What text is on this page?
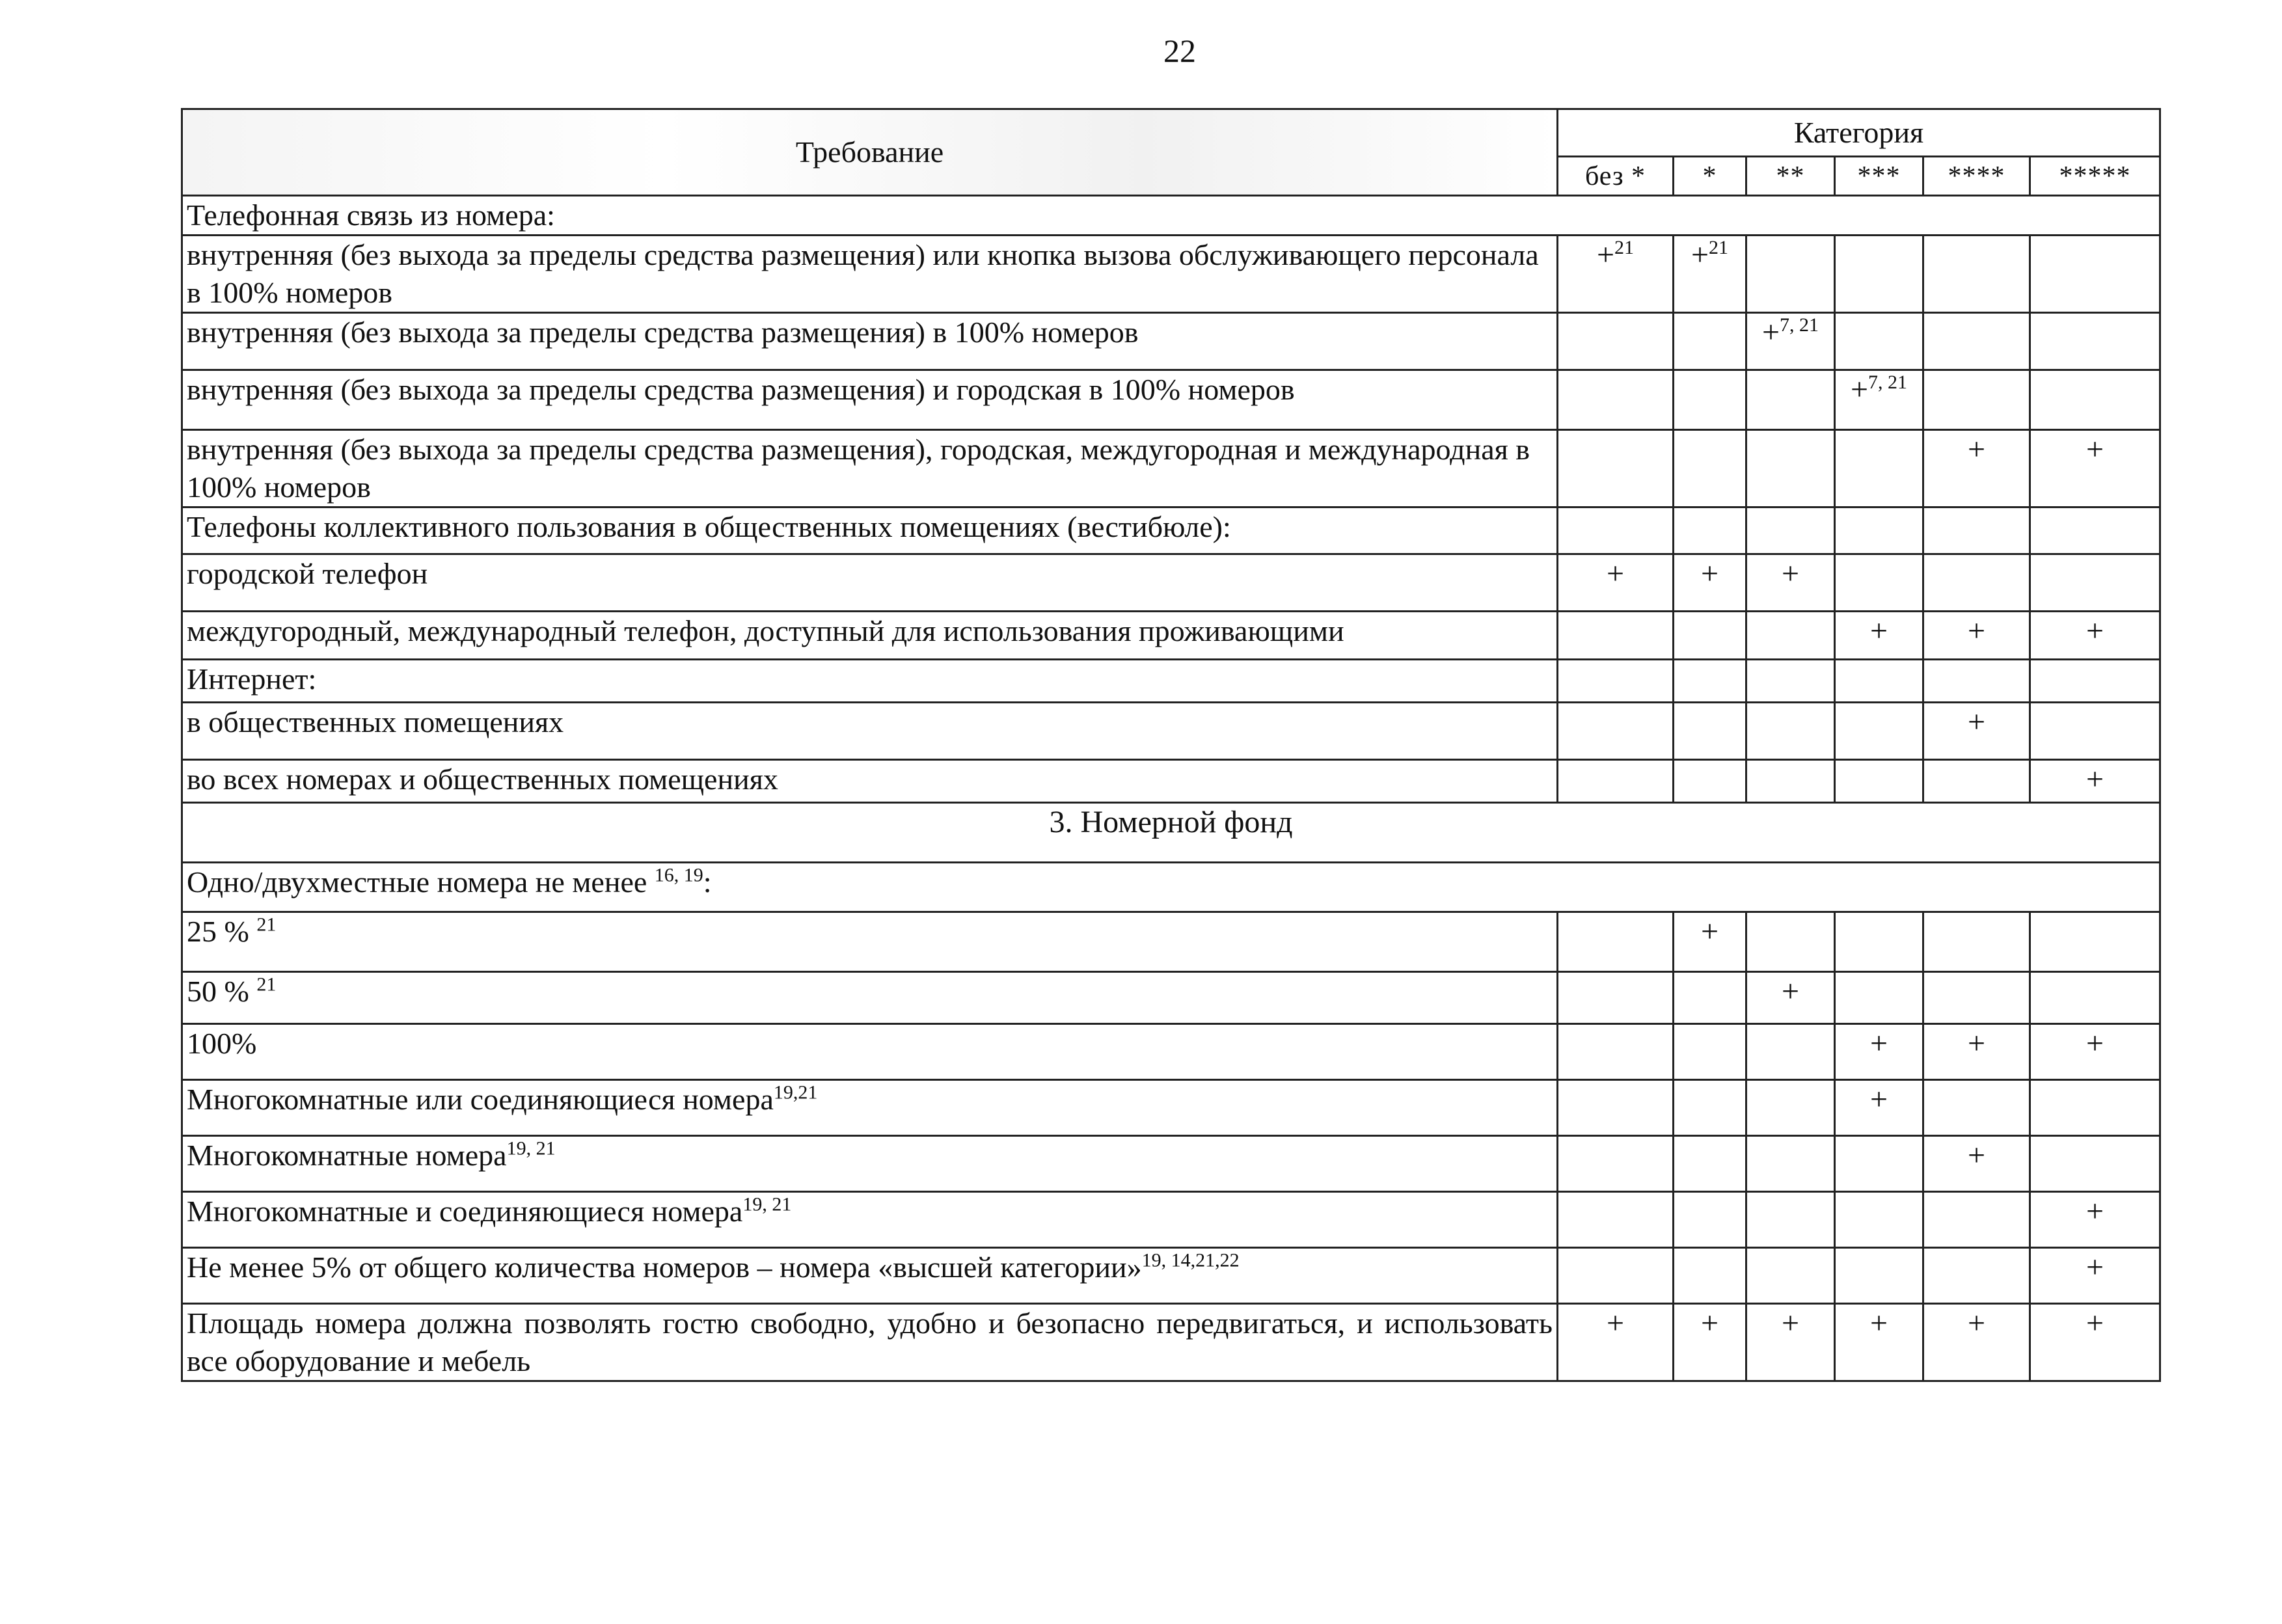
22
Требование	Категория					
	без *	*	**	***	****	*****
Телефонная связь из номера:						
внутренняя (без выхода за пределы средства размещения) или кнопка вызова обслуживающего персонала в 100% номеров	+$^{21}$	+$^{21}$				
внутренняя (без выхода за пределы средства размещения) в 100% номеров			+$^{7, 21}$			
внутренняя (без выхода за пределы средства размещения) и городская в 100% номеров				+$^{7, 21}$		
внутренняя (без выхода за пределы средства размещения), городская, междугородная и международная в 100% номеров					+	+
Телефоны коллективного пользования в общественных помещениях (вестибюле):						
городской телефон	+	+	+			
междугородный, международный телефон, доступный для использования проживающими				+	+	+
Интернет:						
в общественных помещениях					+	
во всех номерах и общественных помещениях						+
3. Номерной фонд						
Одно/двухместные номера не менее $^{16, 19}$:						
25 % $^{21}$		+				
50 % $^{21}$			+			
100%				+	+	+
Многокомнатные или соединяющиеся номера$^{19,21}$				+		
Многокомнатные номера$^{19, 21}$					+	
Многокомнатные и соединяющиеся номера$^{19, 21}$						+
Не менее 5% от общего количества номеров – номера «высшей категории»$^{19, 14,21,22}$						+
Площадь номера должна позволять гостю свободно, удобно и безопасно передвигаться, и использовать все оборудование и мебель	+	+	+	+	+	+
